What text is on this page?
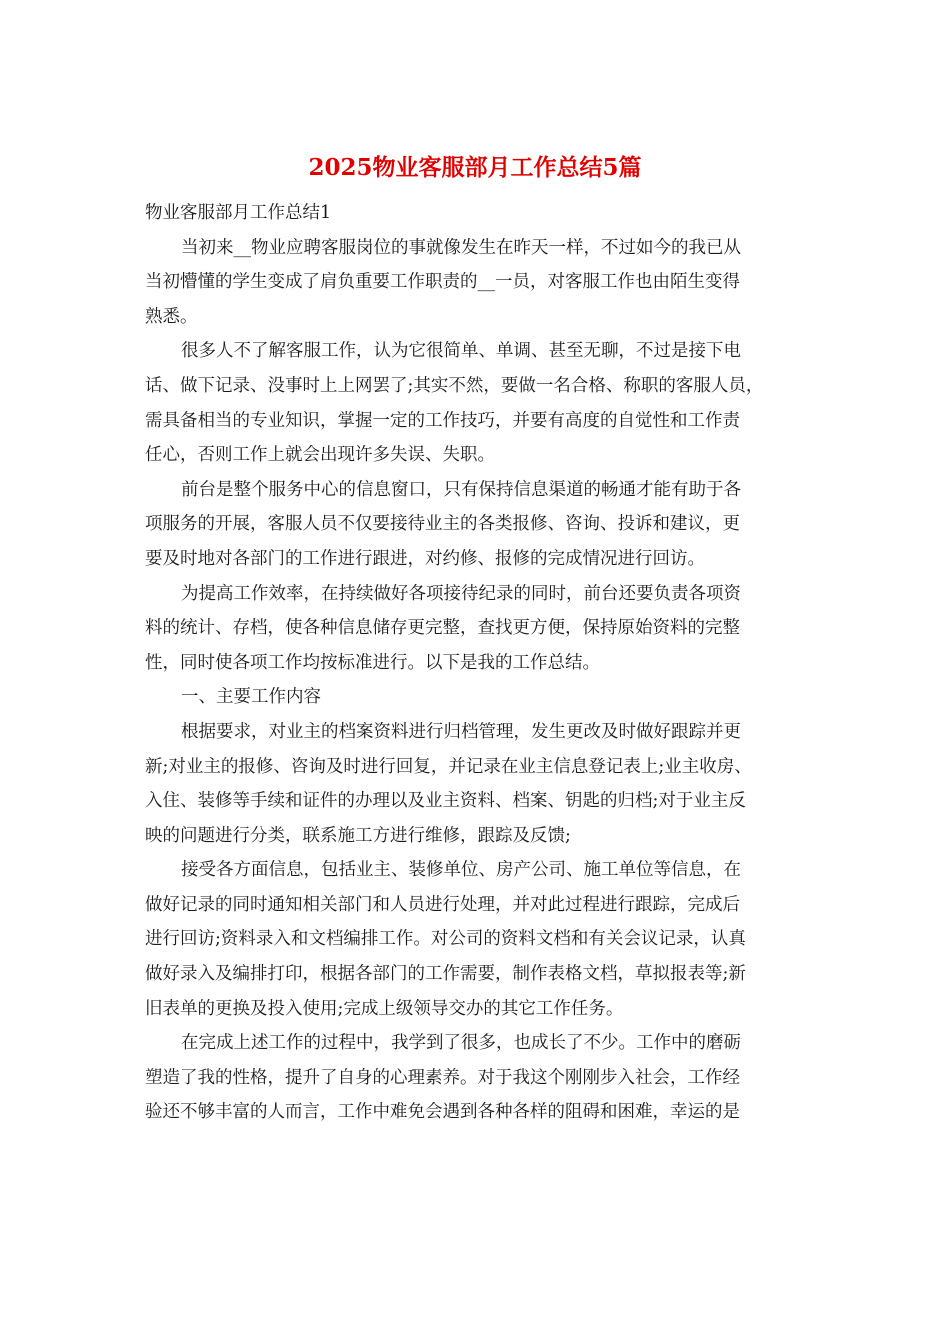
2025物业客服部月工作总结5篇

物业客服部月工作总结1

当初来__物业应聘客服岗位的事就像发生在昨天一样，不过如今的我已从
当初懵懂的学生变成了肩负重要工作职责的__一员，对客服工作也由陌生变得
熟悉。

很多人不了解客服工作，认为它很简单、单调、甚至无聊，不过是接下电
话、做下记录、没事时上上网罢了;其实不然，要做一名合格、称职的客服人员，
需具备相当的专业知识，掌握一定的工作技巧，并要有高度的自觉性和工作责
任心，否则工作上就会出现许多失误、失职。

前台是整个服务中心的信息窗口，只有保持信息渠道的畅通才能有助于各
项服务的开展，客服人员不仅要接待业主的各类报修、咨询、投诉和建议，更
要及时地对各部门的工作进行跟进，对约修、报修的完成情况进行回访。

为提高工作效率，在持续做好各项接待纪录的同时，前台还要负责各项资
料的统计、存档，使各种信息储存更完整，查找更方便，保持原始资料的完整
性，同时使各项工作均按标准进行。以下是我的工作总结。

一、主要工作内容

根据要求，对业主的档案资料进行归档管理，发生更改及时做好跟踪并更
新;对业主的报修、咨询及时进行回复，并记录在业主信息登记表上;业主收房、
入住、装修等手续和证件的办理以及业主资料、档案、钥匙的归档;对于业主反
映的问题进行分类，联系施工方进行维修，跟踪及反馈;

接受各方面信息，包括业主、装修单位、房产公司、施工单位等信息，在
做好记录的同时通知相关部门和人员进行处理，并对此过程进行跟踪，完成后
进行回访;资料录入和文档编排工作。对公司的资料文档和有关会议记录，认真
做好录入及编排打印，根据各部门的工作需要，制作表格文档，草拟报表等;新
旧表单的更换及投入使用;完成上级领导交办的其它工作任务。

在完成上述工作的过程中，我学到了很多，也成长了不少。工作中的磨砺
塑造了我的性格，提升了自身的心理素养。对于我这个刚刚步入社会，工作经
验还不够丰富的人而言，工作中难免会遇到各种各样的阻碍和困难，幸运的是
